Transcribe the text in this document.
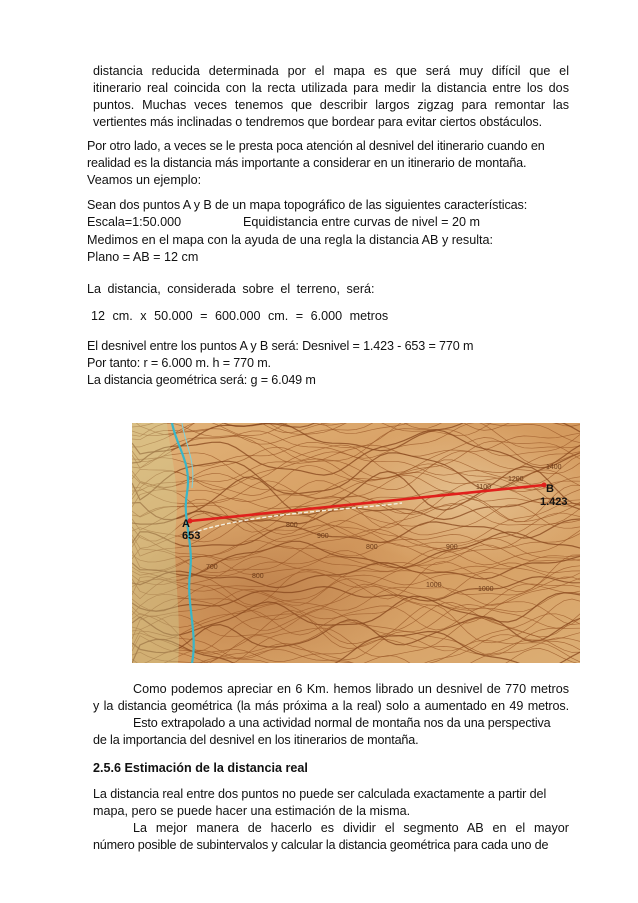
distancia reducida determinada por el mapa es que será muy difícil que el

itinerario real coincida con la recta utilizada para medir la distancia entre los dos

puntos. Muchas veces tenemos que describir largos zigzag para remontar las

vertientes más inclinadas o tendremos que bordear para evitar ciertos obstáculos.

Por otro lado, a veces se le presta poca atención al desnivel del itinerario cuando en

realidad es la distancia más importante a considerar en un itinerario de montaña.

Veamos un ejemplo:

Sean dos puntos A y B de un mapa topográfico de las siguientes características:

Escala=1:50.000	Equidistancia entre curvas de nivel = 20 m

Medimos en el mapa con la ayuda de una regla la distancia AB y resulta:

Plano = AB = 12 cm

La distancia, considerada sobre el terreno, será:

12 cm. x 50.000 = 600.000 cm. = 6.000 metros

El desnivel entre los puntos A y B será: Desnivel = 1.423 - 653 = 770 m

Por tanto: r = 6.000 m. h = 770 m.

La distancia geométrica será: g = 6.049 m

A
653
B
1.423
800
800
900
700
800	900
1000
1000
1100
1200
1400

Como podemos apreciar en 6 Km. hemos librado un desnivel de 770 metros

y la distancia geométrica (la más próxima a la real) solo a aumentado en 49 metros.

Esto extrapolado a una actividad normal de montaña nos da una perspectiva

de la importancia del desnivel en los itinerarios de montaña.

2.5.6 Estimación de la distancia real

La distancia real entre dos puntos no puede ser calculada exactamente a partir del

mapa, pero se puede hacer una estimación de la misma.

La mejor manera de hacerlo es dividir el segmento AB en el mayor

número posible de subintervalos y calcular la distancia geométrica para cada uno de
